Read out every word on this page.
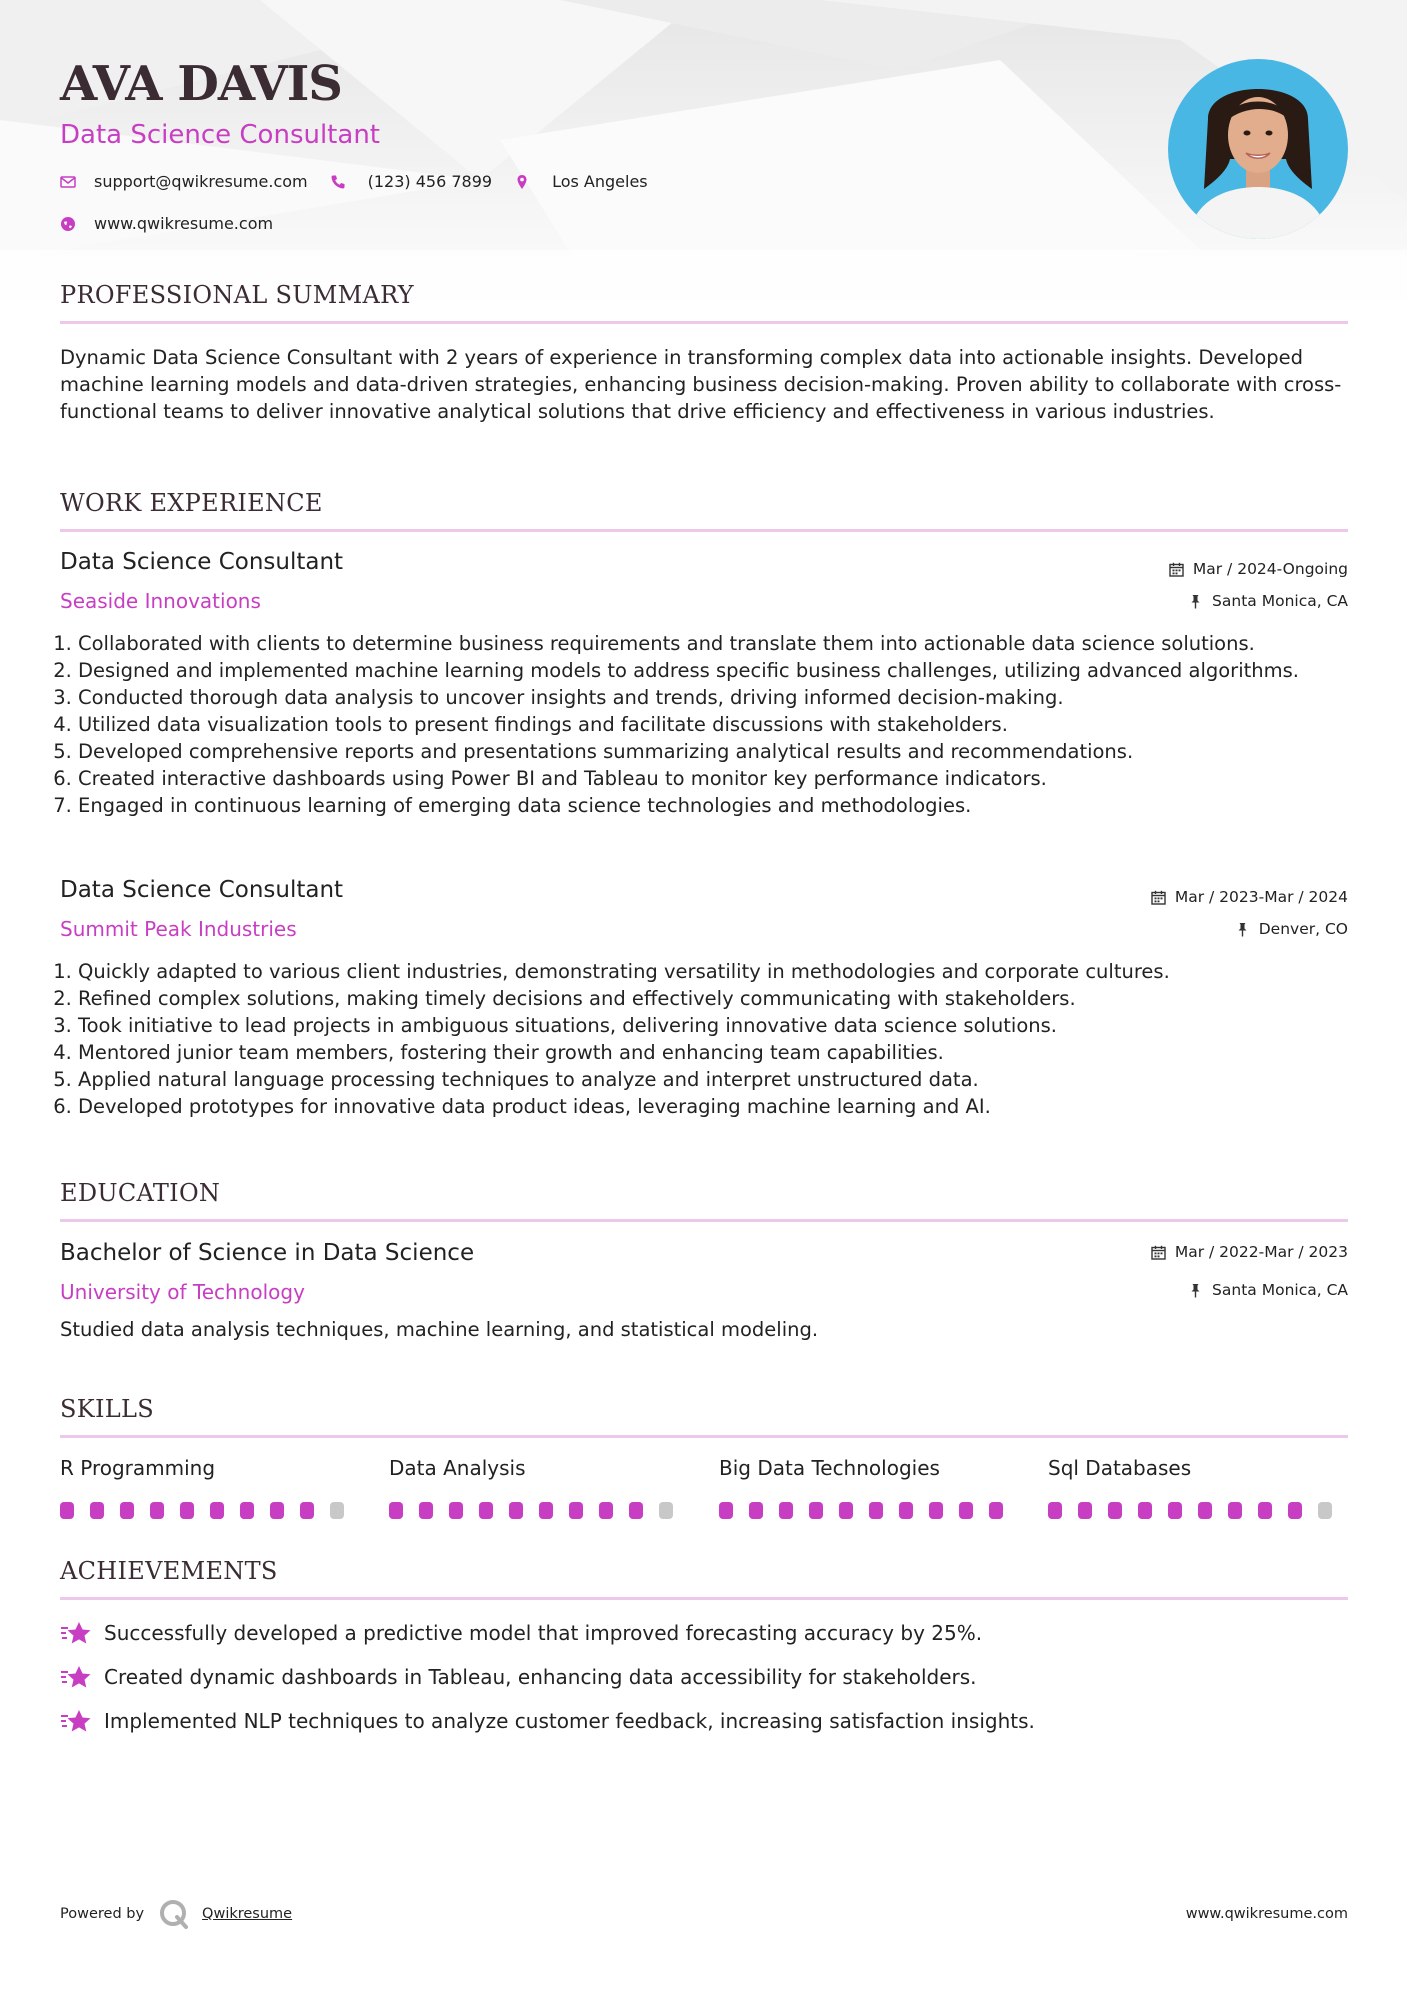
AVA DAVIS
Data Science Consultant
support@qwikresume.com	(123) 456 7899	Los Angeles
www.qwikresume.com
PROFESSIONAL SUMMARY

Dynamic Data Science Consultant with 2 years of experience in transforming complex data into actionable insights. Developed machine learning models and data-driven strategies, enhancing business decision-making. Proven ability to collaborate with cross-functional teams to deliver innovative analytical solutions that drive efficiency and effectiveness in various industries.

WORK EXPERIENCE
Data Science Consultant	Mar / 2024-Ongoing
Seaside Innovations	Santa Monica, CA
1. Collaborated with clients to determine business requirements and translate them into actionable data science solutions.
2. Designed and implemented machine learning models to address specific business challenges, utilizing advanced algorithms.
3. Conducted thorough data analysis to uncover insights and trends, driving informed decision-making.
4. Utilized data visualization tools to present findings and facilitate discussions with stakeholders.
5. Developed comprehensive reports and presentations summarizing analytical results and recommendations.
6. Created interactive dashboards using Power BI and Tableau to monitor key performance indicators.
7. Engaged in continuous learning of emerging data science technologies and methodologies.
Data Science Consultant	Mar / 2023-Mar / 2024
Summit Peak Industries	Denver, CO
1. Quickly adapted to various client industries, demonstrating versatility in methodologies and corporate cultures.
2. Refined complex solutions, making timely decisions and effectively communicating with stakeholders.
3. Took initiative to lead projects in ambiguous situations, delivering innovative data science solutions.
4. Mentored junior team members, fostering their growth and enhancing team capabilities.
5. Applied natural language processing techniques to analyze and interpret unstructured data.
6. Developed prototypes for innovative data product ideas, leveraging machine learning and AI.
EDUCATION
Bachelor of Science in Data Science	Mar / 2022-Mar / 2023
University of Technology	Santa Monica, CA

Studied data analysis techniques, machine learning, and statistical modeling.

SKILLS
R Programming	Data Analysis	Big Data Technologies	Sql Databases
ACHIEVEMENTS
Successfully developed a predictive model that improved forecasting accuracy by 25%.
Created dynamic dashboards in Tableau, enhancing data accessibility for stakeholders.
Implemented NLP techniques to analyze customer feedback, increasing satisfaction insights.
Powered by	Qwikresume	www.qwikresume.com
